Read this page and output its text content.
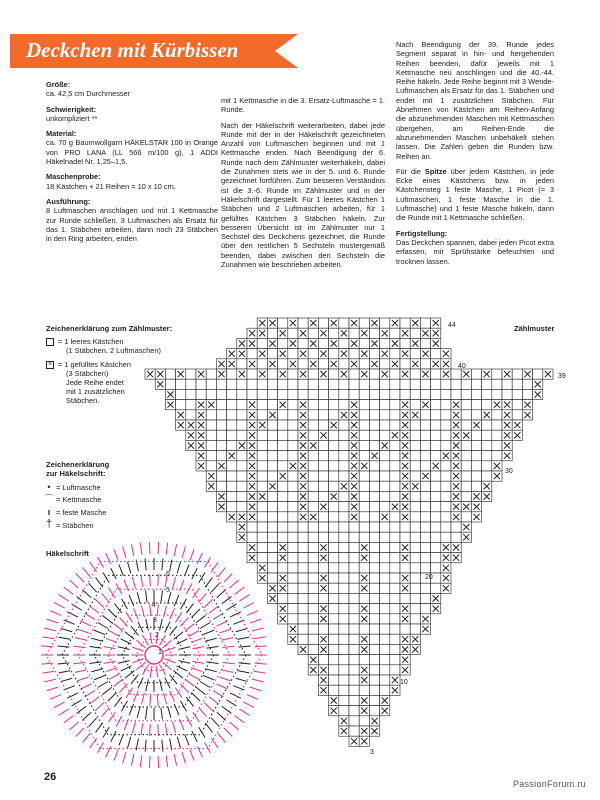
Deckchen mit Kürbissen

Größe:

ca. 42,5 cm Durchmesser

Schwierigkeit:

unkompliziert **

Material:

ca. 70 g Baumwollgarn HÄKELSTAR 100 in Orange von PRO LANA (LL 566 m/100 g), 1 ADDI Häkelnadel Nr. 1,25–1,5.

Maschenprobe:

18 Kästchen + 21 Reihen = 10 x 10 cm.

Ausführung:

8 Luftmaschen anschlagen und mit 1 Kettmasche zur Runde schließen. 3 Luftmaschen als Ersatz für das 1. Stäbchen arbeiten, dann noch 23 Stäbchen in den Ring arbeiten, enden

mit 1 Kettmasche in die 3. Ersatz-Luftmasche = 1. Runde.

Nach der Häkelschrift weiterarbeiten, dabei jede Runde mit der in der Häkelschrift gezeichneten Anzahl von Luftmaschen beginnen und mit 1 Kettmasche enden. Nach Beendigung der 6. Runde nach dem Zählmuster weiterhäkeln, dabei die Zunahmen stets wie in der 5. und 6. Runde gezeichnet fortführen. Zum besseren Verständnis ist die 3.-6. Runde im Zählmuster und in der Häkelschrift dargestellt. Für 1 leeres Kästchen 1 Stäbchen und 2 Luftmaschen arbeiten, für 1 gefülltes Kästchen 3 Stäbchen häkeln. Zur besseren Übersicht ist im Zählmuster nur 1 Sechstel des Deckchens gezeichnet, die Runde über den restlichen 5 Sechsteln mustergemäß beenden, dabei zwischen den Sechsteln die Zunahmen wie beschrieben arbeiten.

Nach Beendigung der 39. Runde jedes Segment separat in hin- und hergehenden Reihen beenden, dafür jeweils mit 1 Kettmasche neu anschlingen und die 40.-44. Reihe häkeln. Jede Reihe beginnt mit 3 Wende-Luftmaschen als Ersatz für das 1. Stäbchen und endet mit 1 zusätzlichen Stäbchen. Für Abnehmen von Kästchen am Reihen-Anfang die abzunehmenden Maschen mit Kettmaschen übergehen, am Reihen-Ende die abzunehmenden Maschen unbehäkelt stehen lassen. Die Zahlen geben die Runden bzw. Reihen an.

Für die Spitze über jedem Kästchen, in jede Ecke eines Kästchens bzw. in jeden Kästchensteg 1 feste Masche, 1 Picot (= 3 Luftmaschen, 1 feste Masche in die 1. Luftmasche) und 1 feste Masche häkeln, dann die Runde mit 1 Kettmasche schließen.

Fertigstellung:

Das Deckchen spannen, dabei jeden Picot extra erfassen, mit Sprühstärke befeuchten und trocknen lassen.

Zeichenerklärung zum Zählmuster:
= 1 leeres Kästchen
(1 Stäbchen, 2 Luftmaschen)
× = 1 gefülltes Kästchen
(3 Stäbchen)
Jede Reihe endet
mit 1 zusätzlichen
Stäbchen.
Zeichenerklärung
zur Häkelschrift:
• = Luftmasche
⌒ = Kettmasche
ı = feste Masche
† = Stäbchen
Häkelschrift
Zählmuster
44
40
39
30
20
10
3
6
5
4
3
2
1
26
PassionForum.ru
